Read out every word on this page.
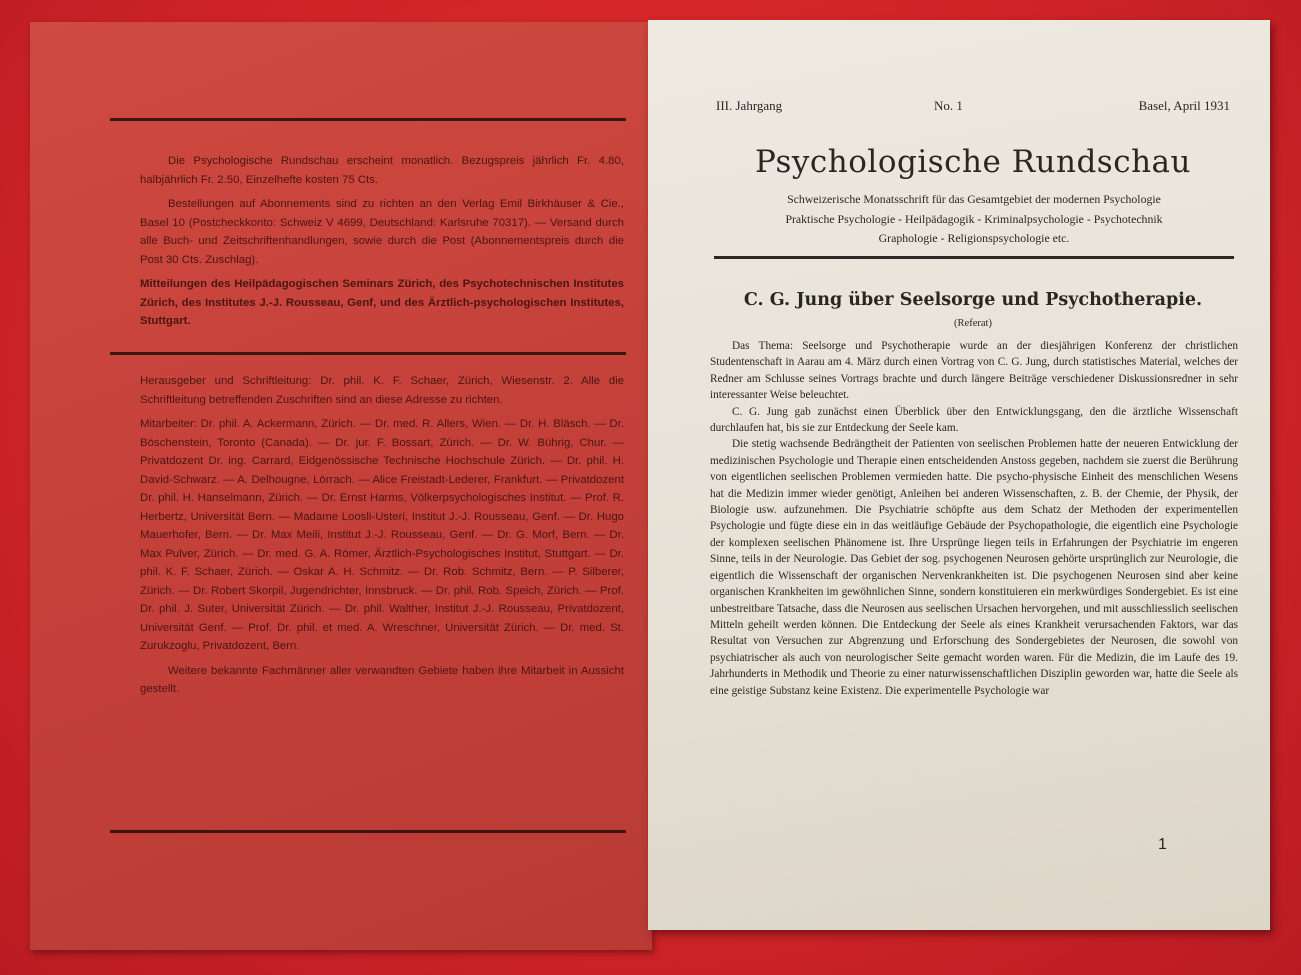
Die Psychologische Rundschau erscheint monatlich. Bezugspreis jährlich Fr. 4.80, halbjährlich Fr. 2.50, Einzelhefte kosten 75 Cts.

Bestellungen auf Abonnements sind zu richten an den Verlag Emil Birkhäuser & Cie., Basel 10 (Postcheckkonto: Schweiz V 4699, Deutschland: Karlsruhe 70317). — Versand durch alle Buch- und Zeitschriftenhandlungen, sowie durch die Post (Abonnementspreis durch die Post 30 Cts. Zuschlag).

Mitteilungen des Heilpädagogischen Seminars Zürich, des Psychotechnischen Institutes Zürich, des Institutes J.-J. Rousseau, Genf, und des Ärztlich-psychologischen Institutes, Stuttgart.

Herausgeber und Schriftleitung: Dr. phil. K. F. Schaer, Zürich, Wiesenstr. 2. Alle die Schriftleitung betreffenden Zuschriften sind an diese Adresse zu richten.

Mitarbeiter: Dr. phil. A. Ackermann, Zürich. — Dr. med. R. Allers, Wien. — Dr. H. Bläsch. — Dr. Böschenstein, Toronto (Canada). — Dr. jur. F. Bossart, Zürich. — Dr. W. Bührig, Chur. — Privatdozent Dr. ing. Carrard, Eidgenössische Technische Hochschule Zürich. — Dr. phil. H. David-Schwarz. — A. Delhougne, Lörrach. — Alice Freistadt-Lederer, Frankfurt. — Privatdozent Dr. phil. H. Hanselmann, Zürich. — Dr. Ernst Harms, Völkerpsychologisches Institut. — Prof. R. Herbertz, Universität Bern. — Madame Loosli-Usteri, Institut J.-J. Rousseau, Genf. — Dr. Hugo Mauerhofer, Bern. — Dr. Max Meili, Institut J.-J. Rousseau, Genf. — Dr. G. Morf, Bern. — Dr. Max Pulver, Zürich. — Dr. med. G. A. Römer, Ärztlich-Psychologisches Institut, Stuttgart. — Dr. phil. K. F. Schaer, Zürich. — Oskar A. H. Schmitz. — Dr. Rob. Schmitz, Bern. — P. Silberer, Zürich. — Dr. Robert Skorpil, Jugendrichter, Innsbruck. — Dr. phil. Rob. Speich, Zürich. — Prof. Dr. phil. J. Suter, Universität Zürich. — Dr. phil. Walther, Institut J.-J. Rousseau, Privatdozent, Universität Genf. — Prof. Dr. phil. et med. A. Wreschner, Universität Zürich. — Dr. med. St. Zurukzoglu, Privatdozent, Bern.

Weitere bekannte Fachmänner aller verwandten Gebiete haben ihre Mitarbeit in Aussicht gestellt.

III. Jahrgang	No. 1	Basel, April 1931
Psychologische Rundschau
Schweizerische Monatsschrift für das Gesamtgebiet der modernen Psychologie
Praktische Psychologie - Heilpädagogik - Kriminalpsychologie - Psychotechnik
Graphologie - Religionspsychologie etc.
C. G. Jung über Seelsorge und Psychotherapie.
(Referat)

Das Thema: Seelsorge und Psychotherapie wurde an der diesjährigen Konferenz der christlichen Studentenschaft in Aarau am 4. März durch einen Vortrag von C. G. Jung, durch statistisches Material, welches der Redner am Schlusse seines Vortrags brachte und durch längere Beiträge verschiedener Diskussionsredner in sehr interessanter Weise beleuchtet.

C. G. Jung gab zunächst einen Überblick über den Entwicklungsgang, den die ärztliche Wissenschaft durchlaufen hat, bis sie zur Entdeckung der Seele kam.

Die stetig wachsende Bedrängtheit der Patienten von seelischen Problemen hatte der neueren Entwicklung der medizinischen Psychologie und Therapie einen entscheidenden Anstoss gegeben, nachdem sie zuerst die Berührung von eigentlichen seelischen Problemen vermieden hatte. Die psycho-physische Einheit des menschlichen Wesens hat die Medizin immer wieder genötigt, Anleihen bei anderen Wissenschaften, z. B. der Chemie, der Physik, der Biologie usw. aufzunehmen. Die Psychiatrie schöpfte aus dem Schatz der Methoden der experimentellen Psychologie und fügte diese ein in das weitläufige Gebäude der Psychopathologie, die eigentlich eine Psychologie der komplexen seelischen Phänomene ist. Ihre Ursprünge liegen teils in Erfahrungen der Psychiatrie im engeren Sinne, teils in der Neurologie. Das Gebiet der sog. psychogenen Neurosen gehörte ursprünglich zur Neurologie, die eigentlich die Wissenschaft der organischen Nervenkrankheiten ist. Die psychogenen Neurosen sind aber keine organischen Krankheiten im gewöhnlichen Sinne, sondern konstituieren ein merkwürdiges Sondergebiet. Es ist eine unbestreitbare Tatsache, dass die Neurosen aus seelischen Ursachen hervorgehen, und mit ausschliesslich seelischen Mitteln geheilt werden können. Die Entdeckung der Seele als eines Krankheit verursachenden Faktors, war das Resultat von Versuchen zur Abgrenzung und Erforschung des Sondergebietes der Neurosen, die sowohl von psychiatrischer als auch von neurologischer Seite gemacht worden waren. Für die Medizin, die im Laufe des 19. Jahrhunderts in Methodik und Theorie zu einer naturwissenschaftlichen Disziplin geworden war, hatte die Seele als eine geistige Substanz keine Existenz. Die experimentelle Psychologie war

1
